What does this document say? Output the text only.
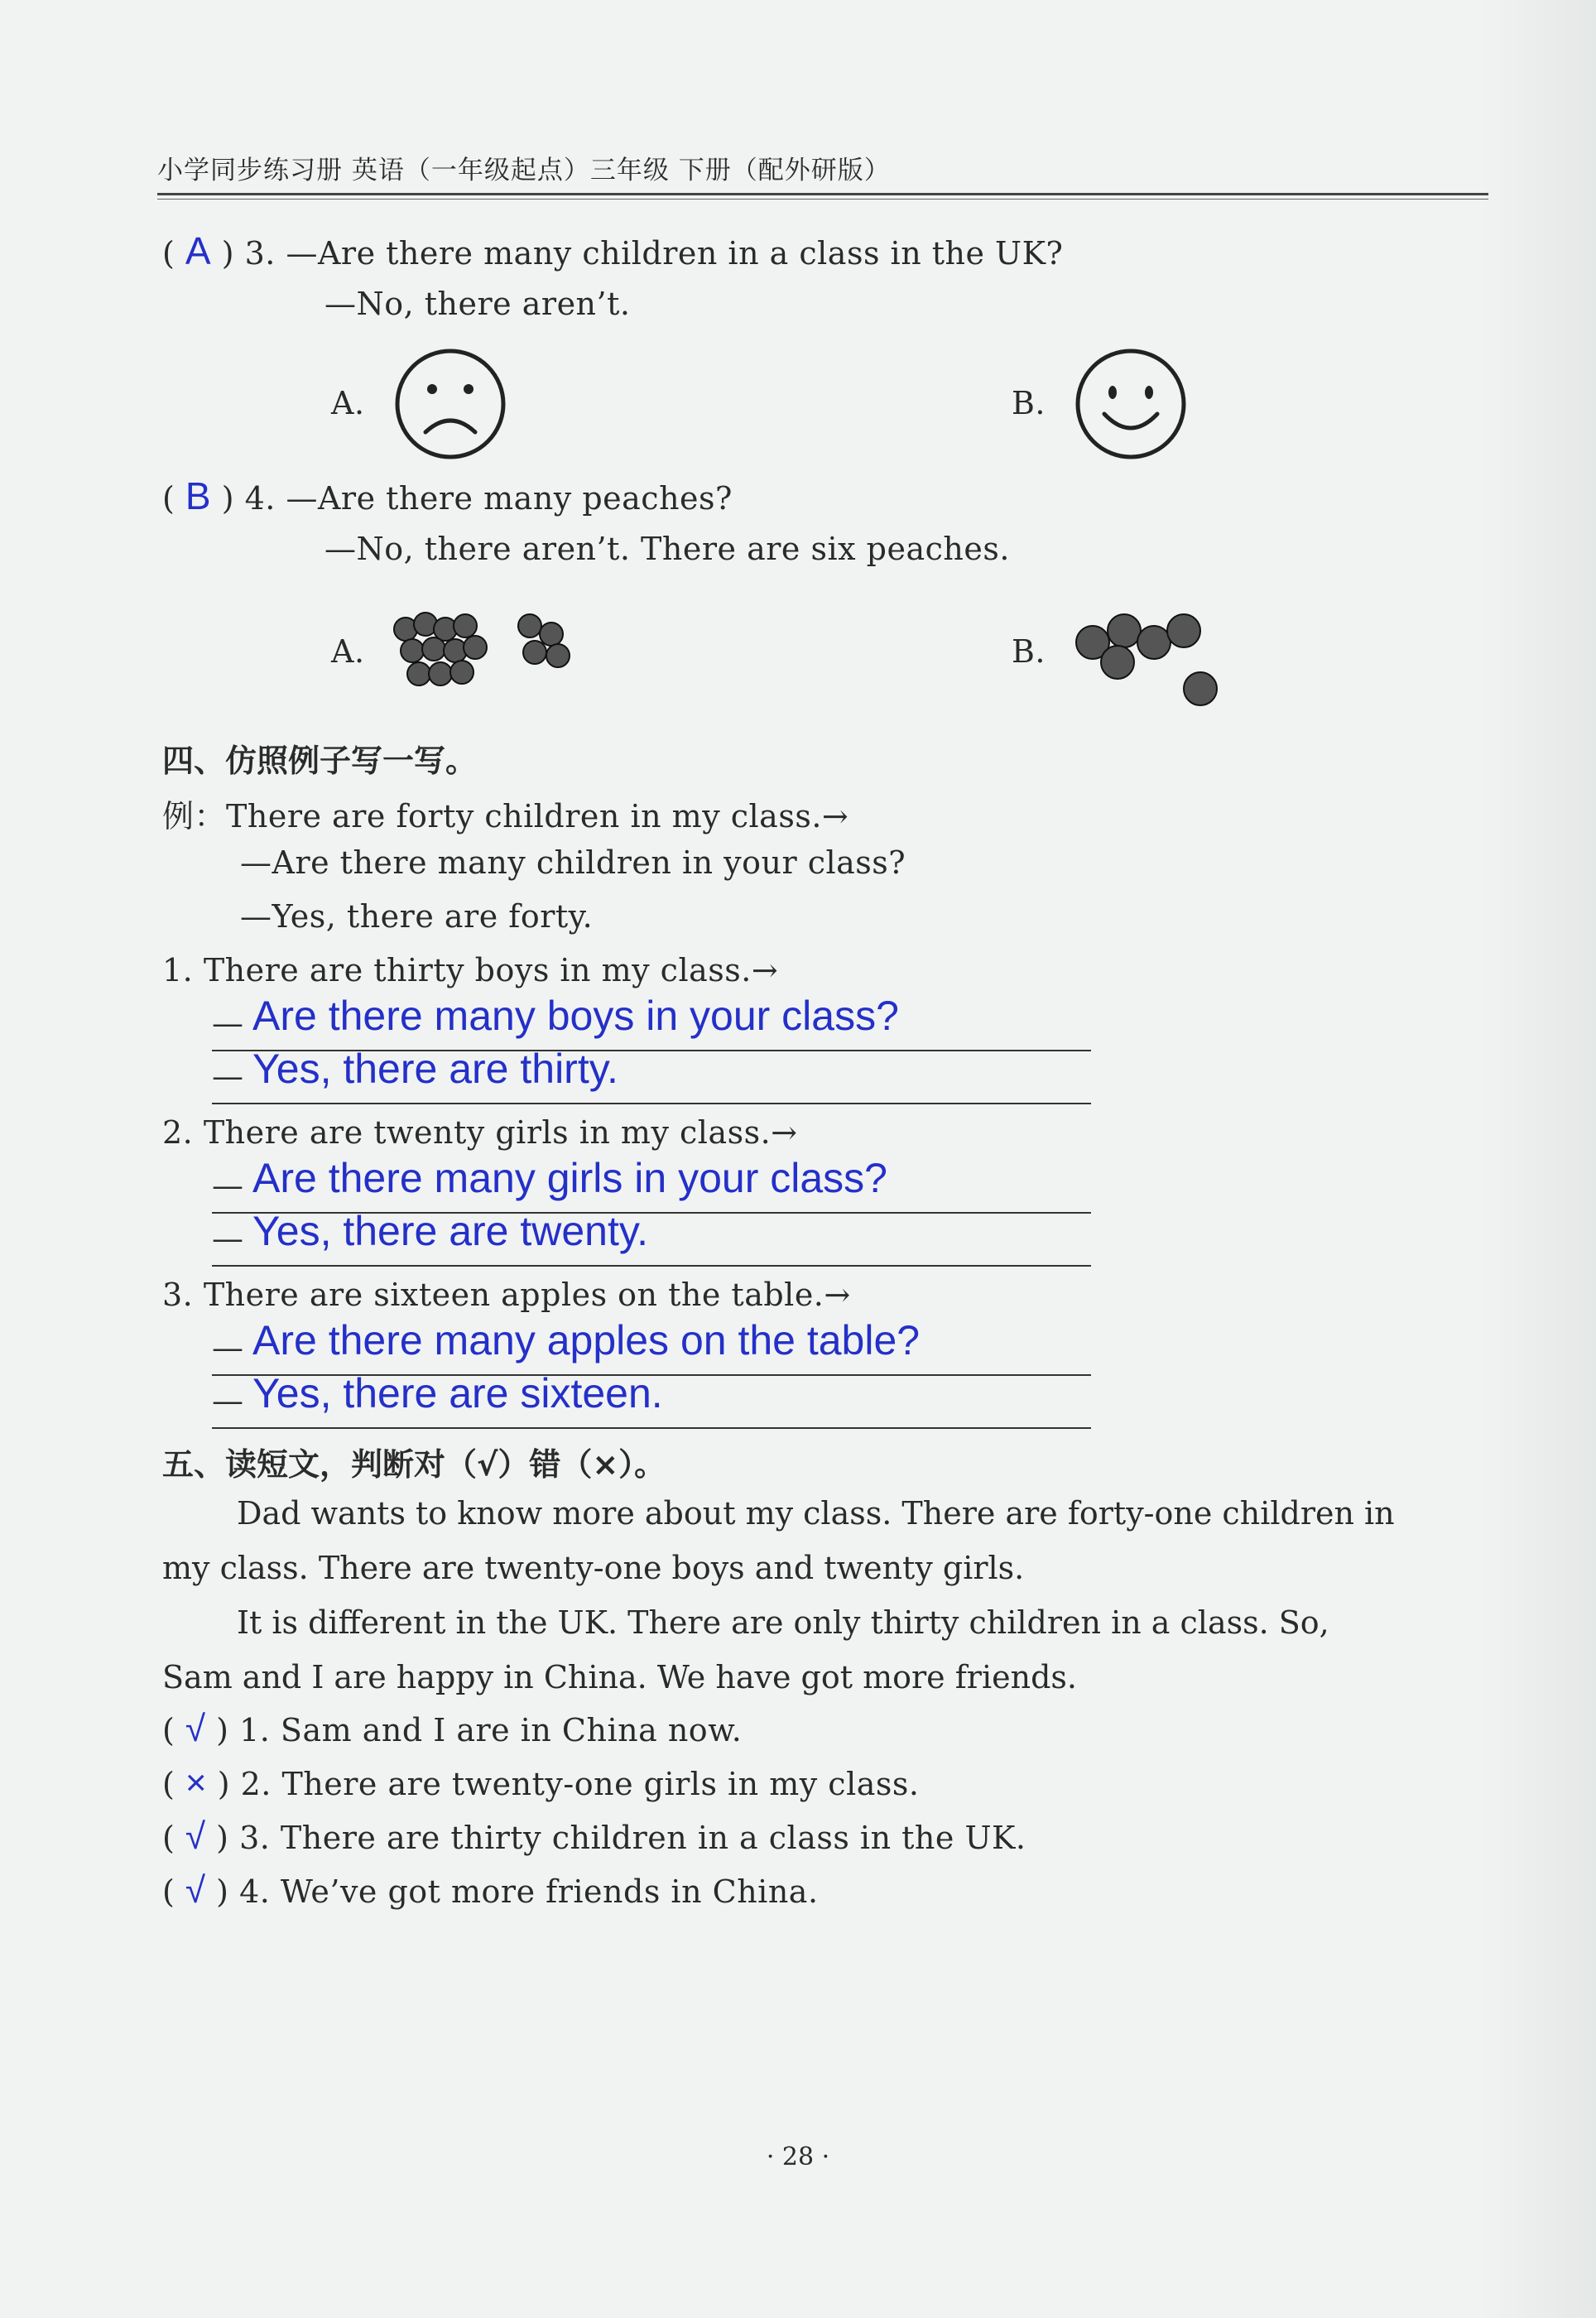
小学同步练习册 英语（一年级起点）三年级 下册（配外研版）
( A ) 3. —Are there many children in a class in the UK?
—No, there aren’t.
A.	B.
( B ) 4. —Are there many peaches?
—No, there aren’t. There are six peaches.
A.	B.
四、仿照例子写一写。
例：There are forty children in my class.→
—Are there many children in your class?
—Yes, there are forty.
1. There are thirty boys in my class.→
— Are there many boys in your class?
— Yes, there are thirty.
2. There are twenty girls in my class.→
— Are there many girls in your class?
— Yes, there are twenty.
3. There are sixteen apples on the table.→
— Are there many apples on the table?
— Yes, there are sixteen.
五、读短文，判断对（√）错（×）。
Dad wants to know more about my class. There are forty-one children in
my class. There are twenty-one boys and twenty girls.
It is different in the UK. There are only thirty children in a class. So,
Sam and I are happy in China. We have got more friends.
( √ ) 1. Sam and I are in China now.
( × ) 2. There are twenty-one girls in my class.
( √ ) 3. There are thirty children in a class in the UK.
( √ ) 4. We’ve got more friends in China.
· 28 ·
